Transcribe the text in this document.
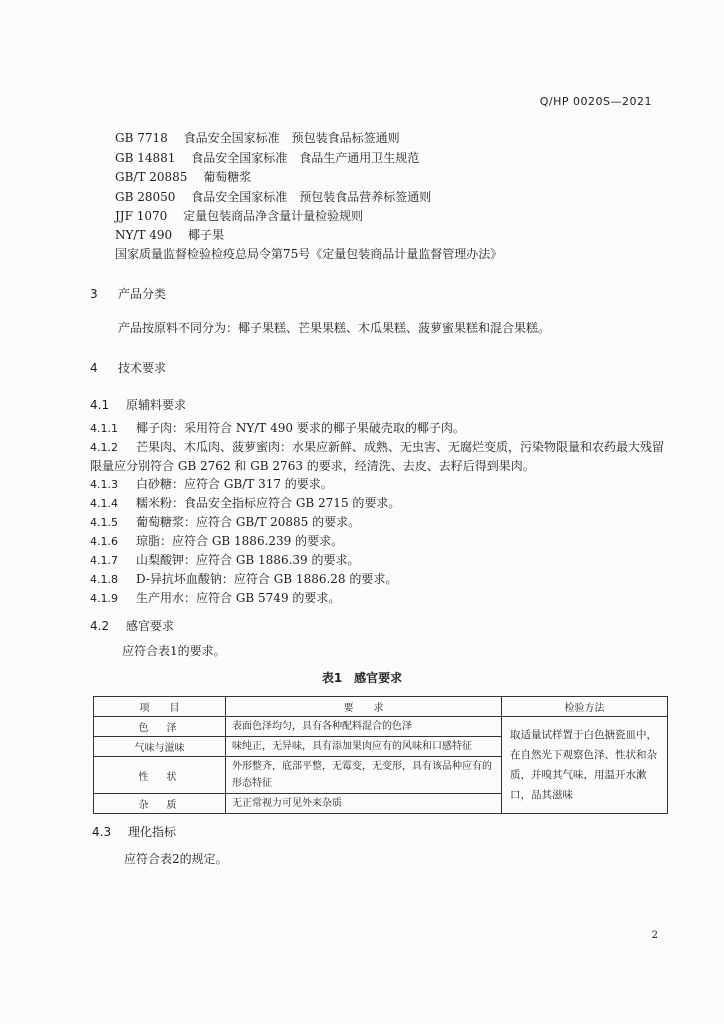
Q/HP 0020S—2021
GB 7718　 食品安全国家标准　预包装食品标签通则
GB 14881　 食品安全国家标准　食品生产通用卫生规范
GB/T 20885　 葡萄糖浆
GB 28050　 食品安全国家标准　预包装食品营养标签通则
JJF 1070　 定量包装商品净含量计量检验规则
NY/T 490　 椰子果
国家质量监督检验检疫总局令第75号《定量包装商品计量监督管理办法》
3 产品分类
产品按原料不同分为：椰子果糕、芒果果糕、木瓜果糕、菠萝蜜果糕和混合果糕。
4 技术要求
4.1 原辅料要求
4.1.1 椰子肉：采用符合 NY/T 490 要求的椰子果破壳取的椰子肉。
4.1.2 芒果肉、木瓜肉、菠萝蜜肉：水果应新鲜、成熟、无虫害、无腐烂变质，污染物限量和农药最大残留限量应分别符合 GB 2762 和 GB 2763 的要求，经清洗、去皮、去籽后得到果肉。
4.1.3 白砂糖：应符合 GB/T 317 的要求。
4.1.4 糯米粉：食品安全指标应符合 GB 2715 的要求。
4.1.5 葡萄糖浆：应符合 GB/T 20885 的要求。
4.1.6 琼脂：应符合 GB 1886.239 的要求。
4.1.7 山梨酸钾：应符合 GB 1886.39 的要求。
4.1.8 D-异抗坏血酸钠：应符合 GB 1886.28 的要求。
4.1.9 生产用水：应符合 GB 5749 的要求。
4.2 感官要求
应符合表1的要求。
表1　感官要求
项　　目	要　　求	检验方法
色　泽	表面色泽均匀，具有各种配料混合的色泽	取适量试样置于白色搪瓷皿中，在自然光下观察色泽、性状和杂质，并嗅其气味，用温开水漱口，品其滋味
气味与滋味	味纯正，无异味，具有添加果肉应有的风味和口感特征	
性　状	外形整齐，底部平整，无霉变，无变形，具有该品种应有的形态特征	
杂　质	无正常视力可见外来杂质	
4.3 理化指标
应符合表2的规定。
2
